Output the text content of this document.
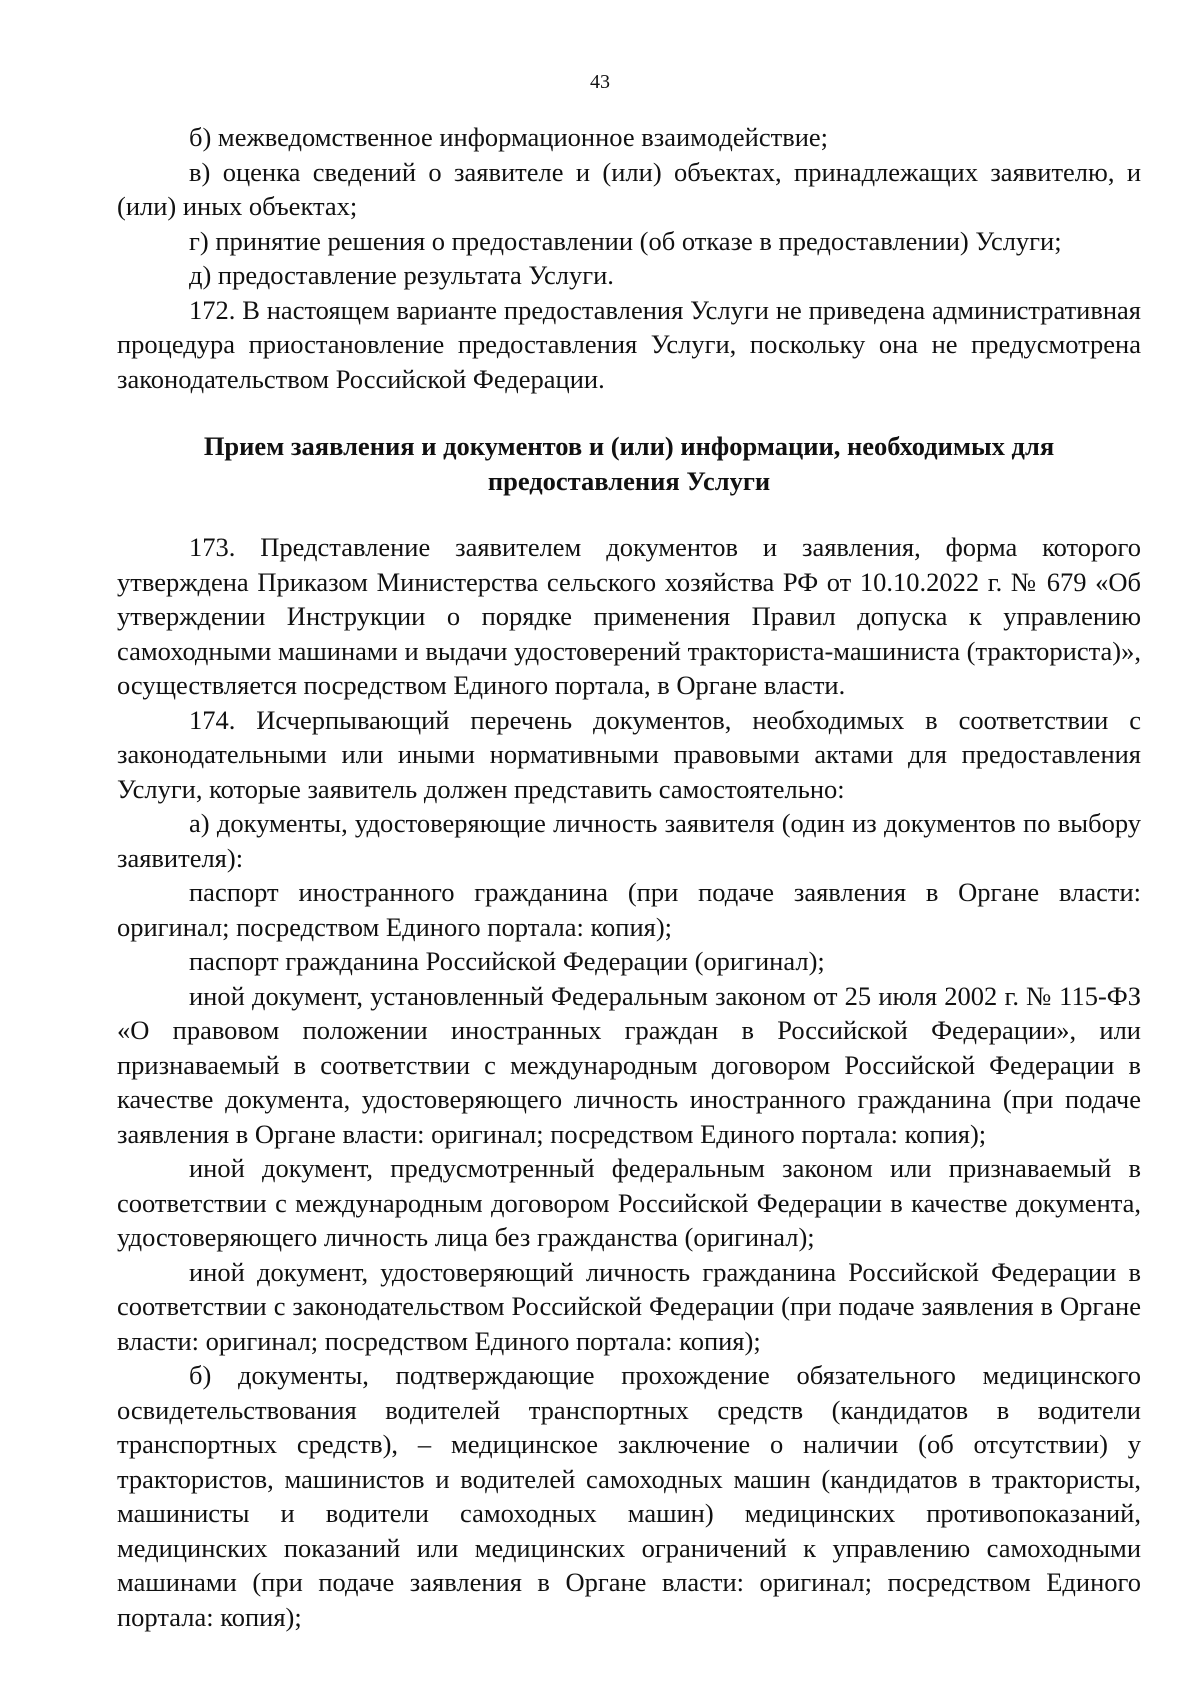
43

б) межведомственное информационное взаимодействие;

в) оценка сведений о заявителе и (или) объектах, принадлежащих заявителю, и (или) иных объектах;

г) принятие решения о предоставлении (об отказе в предоставлении) Услуги;

д) предоставление результата Услуги.

172. В настоящем варианте предоставления Услуги не приведена административная процедура приостановление предоставления Услуги, поскольку она не предусмотрена законодательством Российской Федерации.

Прием заявления и документов и (или) информации, необходимых для предоставления Услуги

173. Представление заявителем документов и заявления, форма которого утверждена Приказом Министерства сельского хозяйства РФ от 10.10.2022 г. № 679 «Об утверждении Инструкции о порядке применения Правил допуска к управлению самоходными машинами и выдачи удостоверений тракториста-машиниста (тракториста)», осуществляется посредством Единого портала, в Органе власти.

174. Исчерпывающий перечень документов, необходимых в соответствии с законодательными или иными нормативными правовыми актами для предоставления Услуги, которые заявитель должен представить самостоятельно:

а) документы, удостоверяющие личность заявителя (один из документов по выбору заявителя):

паспорт иностранного гражданина (при подаче заявления в Органе власти: оригинал; посредством Единого портала: копия);

паспорт гражданина Российской Федерации (оригинал);

иной документ, установленный Федеральным законом от 25 июля 2002 г. № 115-ФЗ «О правовом положении иностранных граждан в Российской Федерации», или признаваемый в соответствии с международным договором Российской Федерации в качестве документа, удостоверяющего личность иностранного гражданина (при подаче заявления в Органе власти: оригинал; посредством Единого портала: копия);

иной документ, предусмотренный федеральным законом или признаваемый в соответствии с международным договором Российской Федерации в качестве документа, удостоверяющего личность лица без гражданства (оригинал);

иной документ, удостоверяющий личность гражданина Российской Федерации в соответствии с законодательством Российской Федерации (при подаче заявления в Органе власти: оригинал; посредством Единого портала: копия);

б) документы, подтверждающие прохождение обязательного медицинского освидетельствования водителей транспортных средств (кандидатов в водители транспортных средств), – медицинское заключение о наличии (об отсутствии) у трактористов, машинистов и водителей самоходных машин (кандидатов в трактористы, машинисты и водители самоходных машин) медицинских противопоказаний, медицинских показаний или медицинских ограничений к управлению самоходными машинами (при подаче заявления в Органе власти: оригинал; посредством Единого портала: копия);
